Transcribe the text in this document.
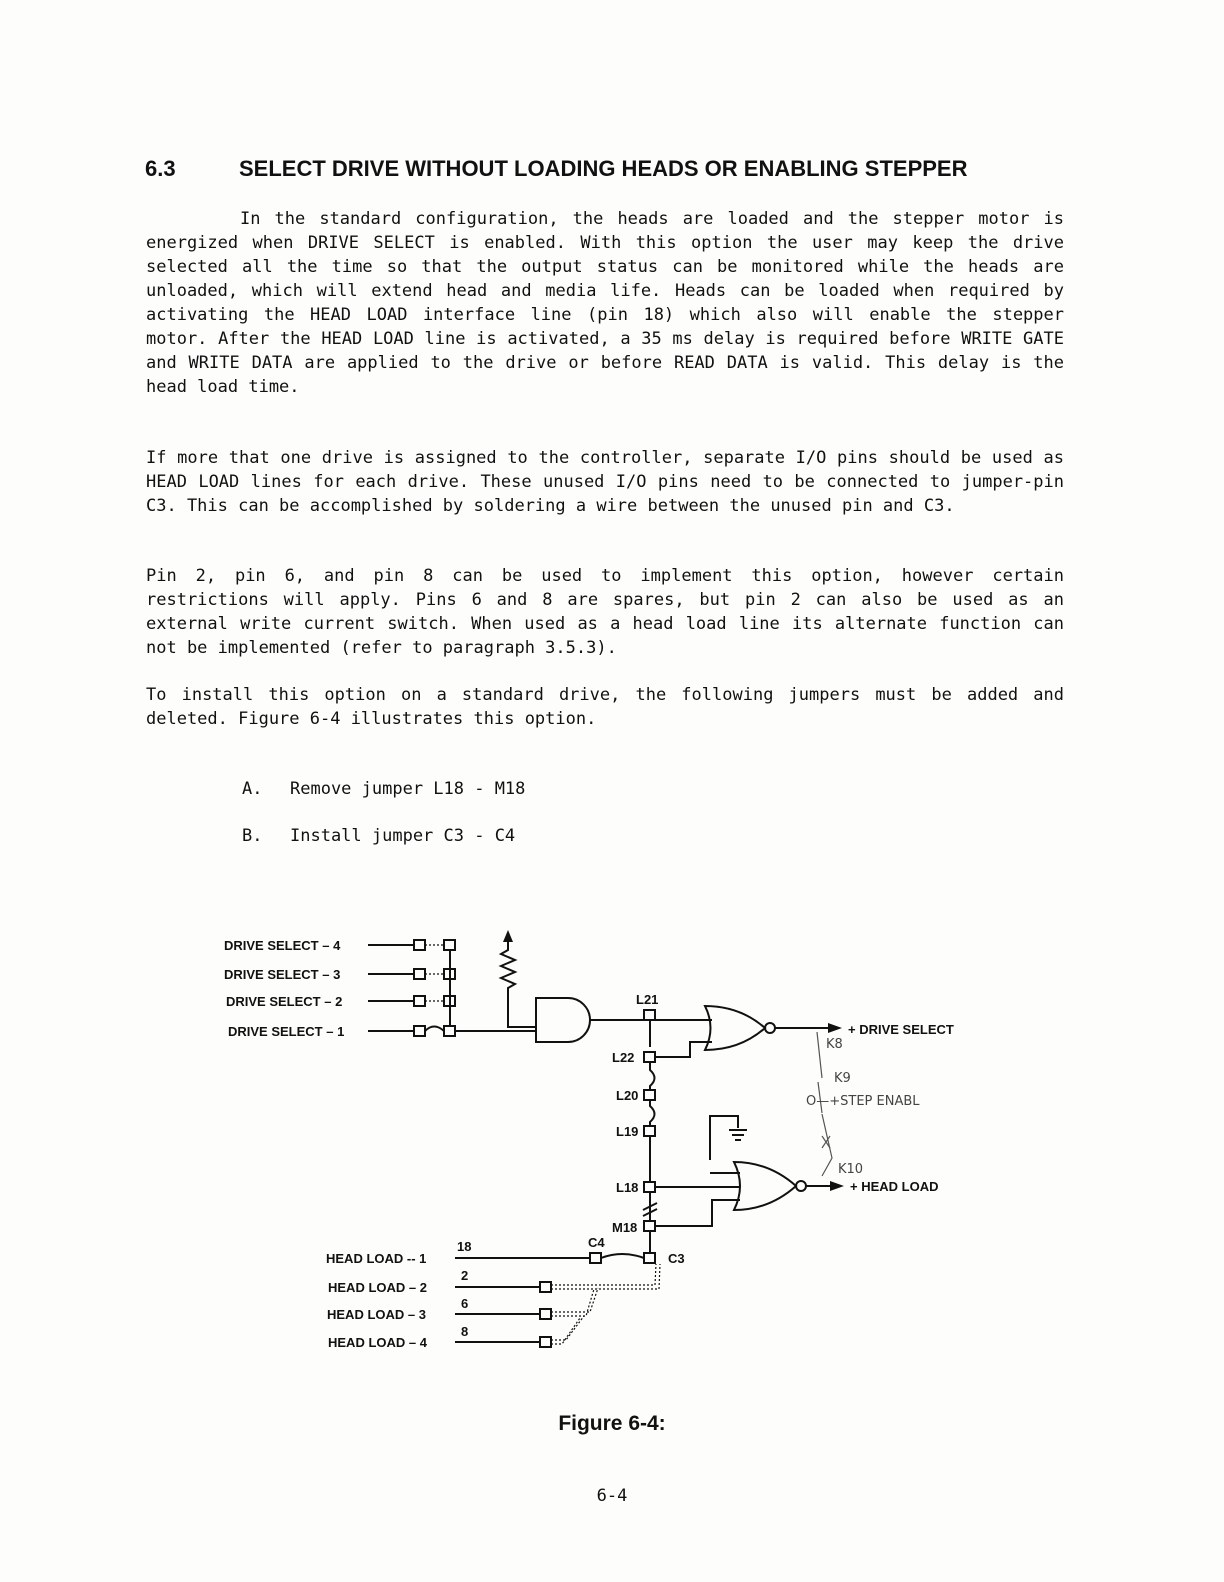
6.3	SELECT DRIVE WITHOUT LOADING HEADS OR ENABLING STEPPER
In the standard configuration, the heads are loaded and the stepper motor is energized when DRIVE SELECT is enabled. With this option the user may keep the drive selected all the time so that the output status can be monitored while the heads are unloaded, which will extend head and media life. Heads can be loaded when required by activating the HEAD LOAD interface line (pin 18) which also will enable the stepper motor. After the HEAD LOAD line is activated, a 35 ms delay is required before WRITE GATE and WRITE DATA are applied to the drive or before READ DATA is valid. This delay is the head load time.
If more that one drive is assigned to the controller, separate I/O pins should be used as HEAD LOAD lines for each drive. These unused I/O pins need to be connected to jumper-pin C3. This can be accomplished by soldering a wire between the unused pin and C3.
Pin 2, pin 6, and pin 8 can be used to implement this option, however certain restrictions will apply. Pins 6 and 8 are spares, but pin 2 can also be used as an external write current switch. When used as a head load line its alternate function can not be implemented (refer to paragraph 3.5.3).
To install this option on a standard drive, the following jumpers must be added and deleted. Figure 6-4 illustrates this option.
A. Remove jumper L18 - M18
B. Install jumper C3 - C4
K8
K9
O—+STEP ENABL
K10
DRIVE SELECT – 4
DRIVE SELECT – 3
DRIVE SELECT – 2
DRIVE SELECT – 1
L21
L22
L20
L19
L18
M18
C4
C3
+ DRIVE SELECT
+ HEAD LOAD
HEAD LOAD -- 1
HEAD LOAD – 2
HEAD LOAD – 3
HEAD LOAD – 4
18
2
6
8
Figure 6-4:
6-4
